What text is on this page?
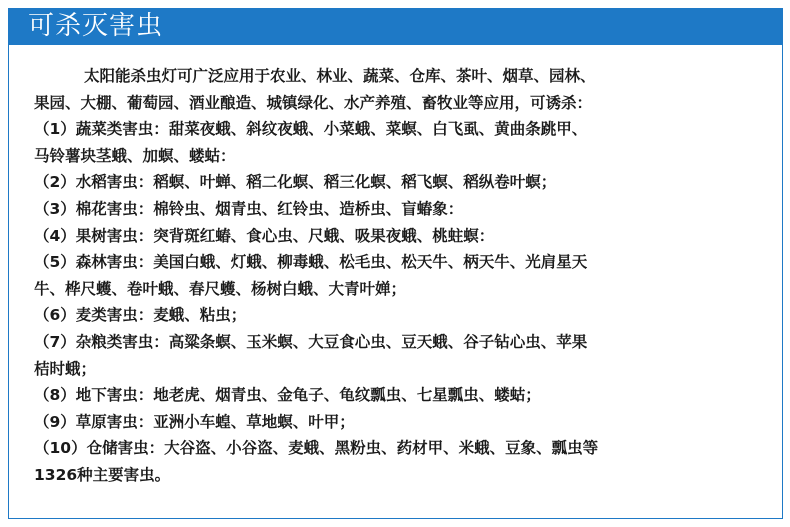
可杀灭害虫
太阳能杀虫灯可广泛应用于农业、林业、蔬菜、仓库、茶叶、烟草、园林、
果园、大棚、葡萄园、酒业酿造、城镇绿化、水产养殖、畜牧业等应用，可诱杀：
（1）蔬菜类害虫：甜菜夜蛾、斜纹夜蛾、小菜蛾、菜螟、白飞虱、黄曲条跳甲、
马铃薯块茎蛾、加螟、蝼蛄：
（2）水稻害虫：稻螟、叶蝉、稻二化螟、稻三化螟、稻飞螟、稻纵卷叶螟；
（3）棉花害虫：棉铃虫、烟青虫、红铃虫、造桥虫、盲蝽象：
（4）果树害虫：突背斑红蝽、食心虫、尺蛾、吸果夜蛾、桃蛀螟：
（5）森林害虫：美国白蛾、灯蛾、柳毒蛾、松毛虫、松天牛、柄天牛、光肩星天
牛、桦尺蠖、卷叶蛾、春尺蠖、杨树白蛾、大青叶婵；
（6）麦类害虫：麦蛾、粘虫；
（7）杂粮类害虫：高粱条螟、玉米螟、大豆食心虫、豆天蛾、谷子钻心虫、苹果
桔时蛾；
（8）地下害虫：地老虎、烟青虫、金龟子、龟纹瓢虫、七星瓢虫、蝼蛄；
（9）草原害虫：亚洲小车蝗、草地螟、叶甲；
（10）仓储害虫：大谷盗、小谷盗、麦蛾、黑粉虫、药材甲、米蛾、豆象、瓢虫等
1326种主要害虫。
